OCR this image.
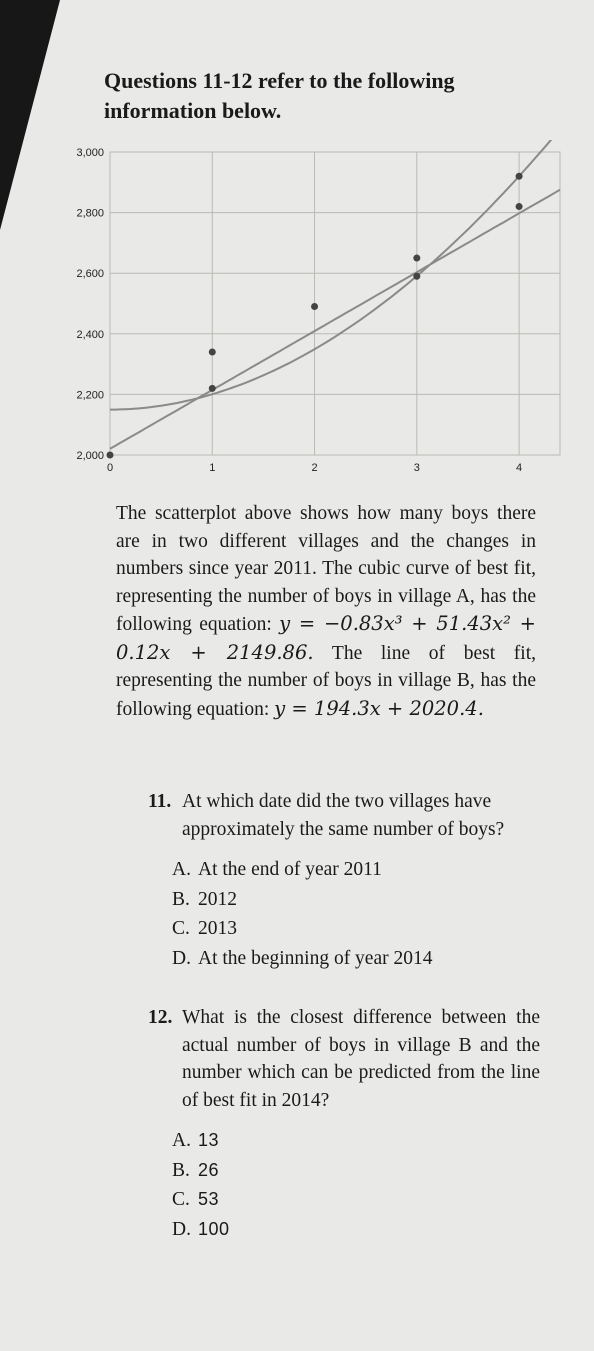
Questions 11-12 refer to the following information below.
2,000
2,200
2,400
2,600
2,800
3,000
0	1	2	3	4

The scatterplot above shows how many boys there are in two different villages and the changes in numbers since year 2011. The cubic curve of best fit, representing the number of boys in village A, has the following equation: y = −0.83x³ + 51.43x² + 0.12x + 2149.86. The line of best fit, representing the number of boys in village B, has the following equation: y = 194.3x + 2020.4.

11. At which date did the two villages have approximately the same number of boys?
A. At the end of year 2011
B. 2012
C. 2013
D. At the beginning of year 2014
12. What is the closest difference between the actual number of boys in village B and the number which can be predicted from the line of best fit in 2014?
A. 13
B. 26
C. 53
D. 100
